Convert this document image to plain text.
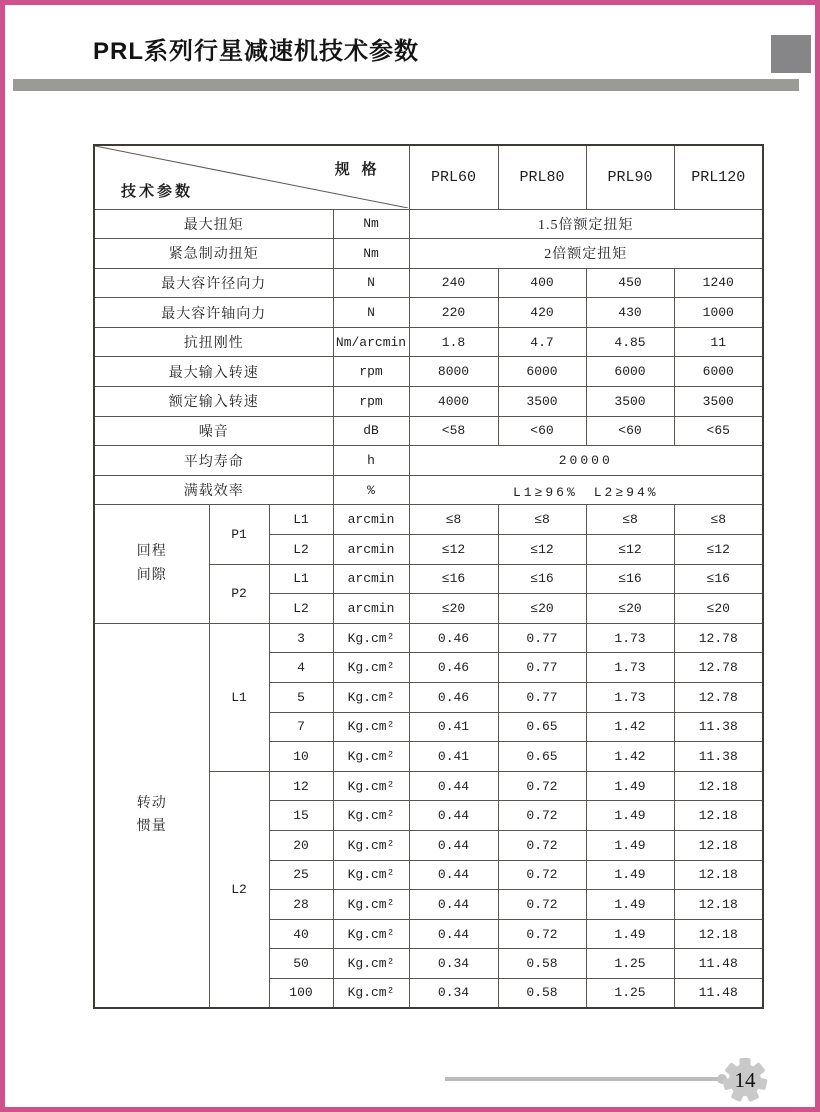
PRL系列行星减速机技术参数
规 格
技术参数				PRL60	PRL80	PRL90	PRL120
最大扭矩			Nm	1.5倍额定扭矩			
紧急制动扭矩			Nm	2倍额定扭矩			
最大容许径向力			N	240	400	450	1240
最大容许轴向力			N	220	420	430	1000
抗扭刚性			Nm/arcmin	1.8	4.7	4.85	11
最大输入转速			rpm	8000	6000	6000	6000
额定输入转速			rpm	4000	3500	3500	3500
噪音			dB	<58	<60	<60	<65
平均寿命			h	20000			
满载效率			%	L1≥96%　L2≥94%			
回程
间隙	P1	L1	arcmin	≤8	≤8	≤8	≤8
		L2	arcmin	≤12	≤12	≤12	≤12
	P2	L1	arcmin	≤16	≤16	≤16	≤16
		L2	arcmin	≤20	≤20	≤20	≤20
转动
惯量	L1	3	Kg.cm²	0.46	0.77	1.73	12.78
		4	Kg.cm²	0.46	0.77	1.73	12.78
		5	Kg.cm²	0.46	0.77	1.73	12.78
		7	Kg.cm²	0.41	0.65	1.42	11.38
		10	Kg.cm²	0.41	0.65	1.42	11.38
	L2	12	Kg.cm²	0.44	0.72	1.49	12.18
		15	Kg.cm²	0.44	0.72	1.49	12.18
		20	Kg.cm²	0.44	0.72	1.49	12.18
		25	Kg.cm²	0.44	0.72	1.49	12.18
		28	Kg.cm²	0.44	0.72	1.49	12.18
		40	Kg.cm²	0.44	0.72	1.49	12.18
		50	Kg.cm²	0.34	0.58	1.25	11.48
		100	Kg.cm²	0.34	0.58	1.25	11.48
14
